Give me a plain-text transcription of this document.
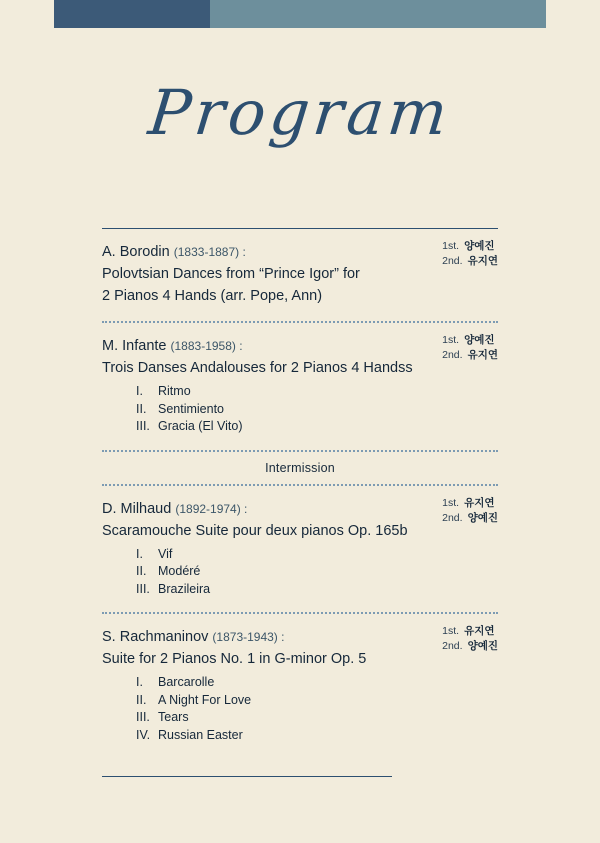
Program
A. Borodin (1833-1887) :
Polovtsian Dances from “Prince Igor” for
2 Pianos 4 Hands (arr. Pope, Ann)
1st. 양예진
2nd. 유지연
M. Infante (1883-1958) :
Trois Danses Andalouses for 2 Pianos 4 Handss
I.	Ritmo
II. Sentimiento
III. Gracia (El Vito)
1st. 양예진
2nd. 유지연
Intermission
D. Milhaud (1892-1974) :
Scaramouche Suite pour deux pianos Op. 165b
I.	Vif
II. Modéré
III. Brazileira
1st. 유지연
2nd. 양예진
S. Rachmaninov (1873-1943) :
Suite for 2 Pianos No. 1 in G-minor Op. 5
I.	Barcarolle
II. A Night For Love
III. Tears
IV. Russian Easter
1st. 유지연
2nd. 양예진
